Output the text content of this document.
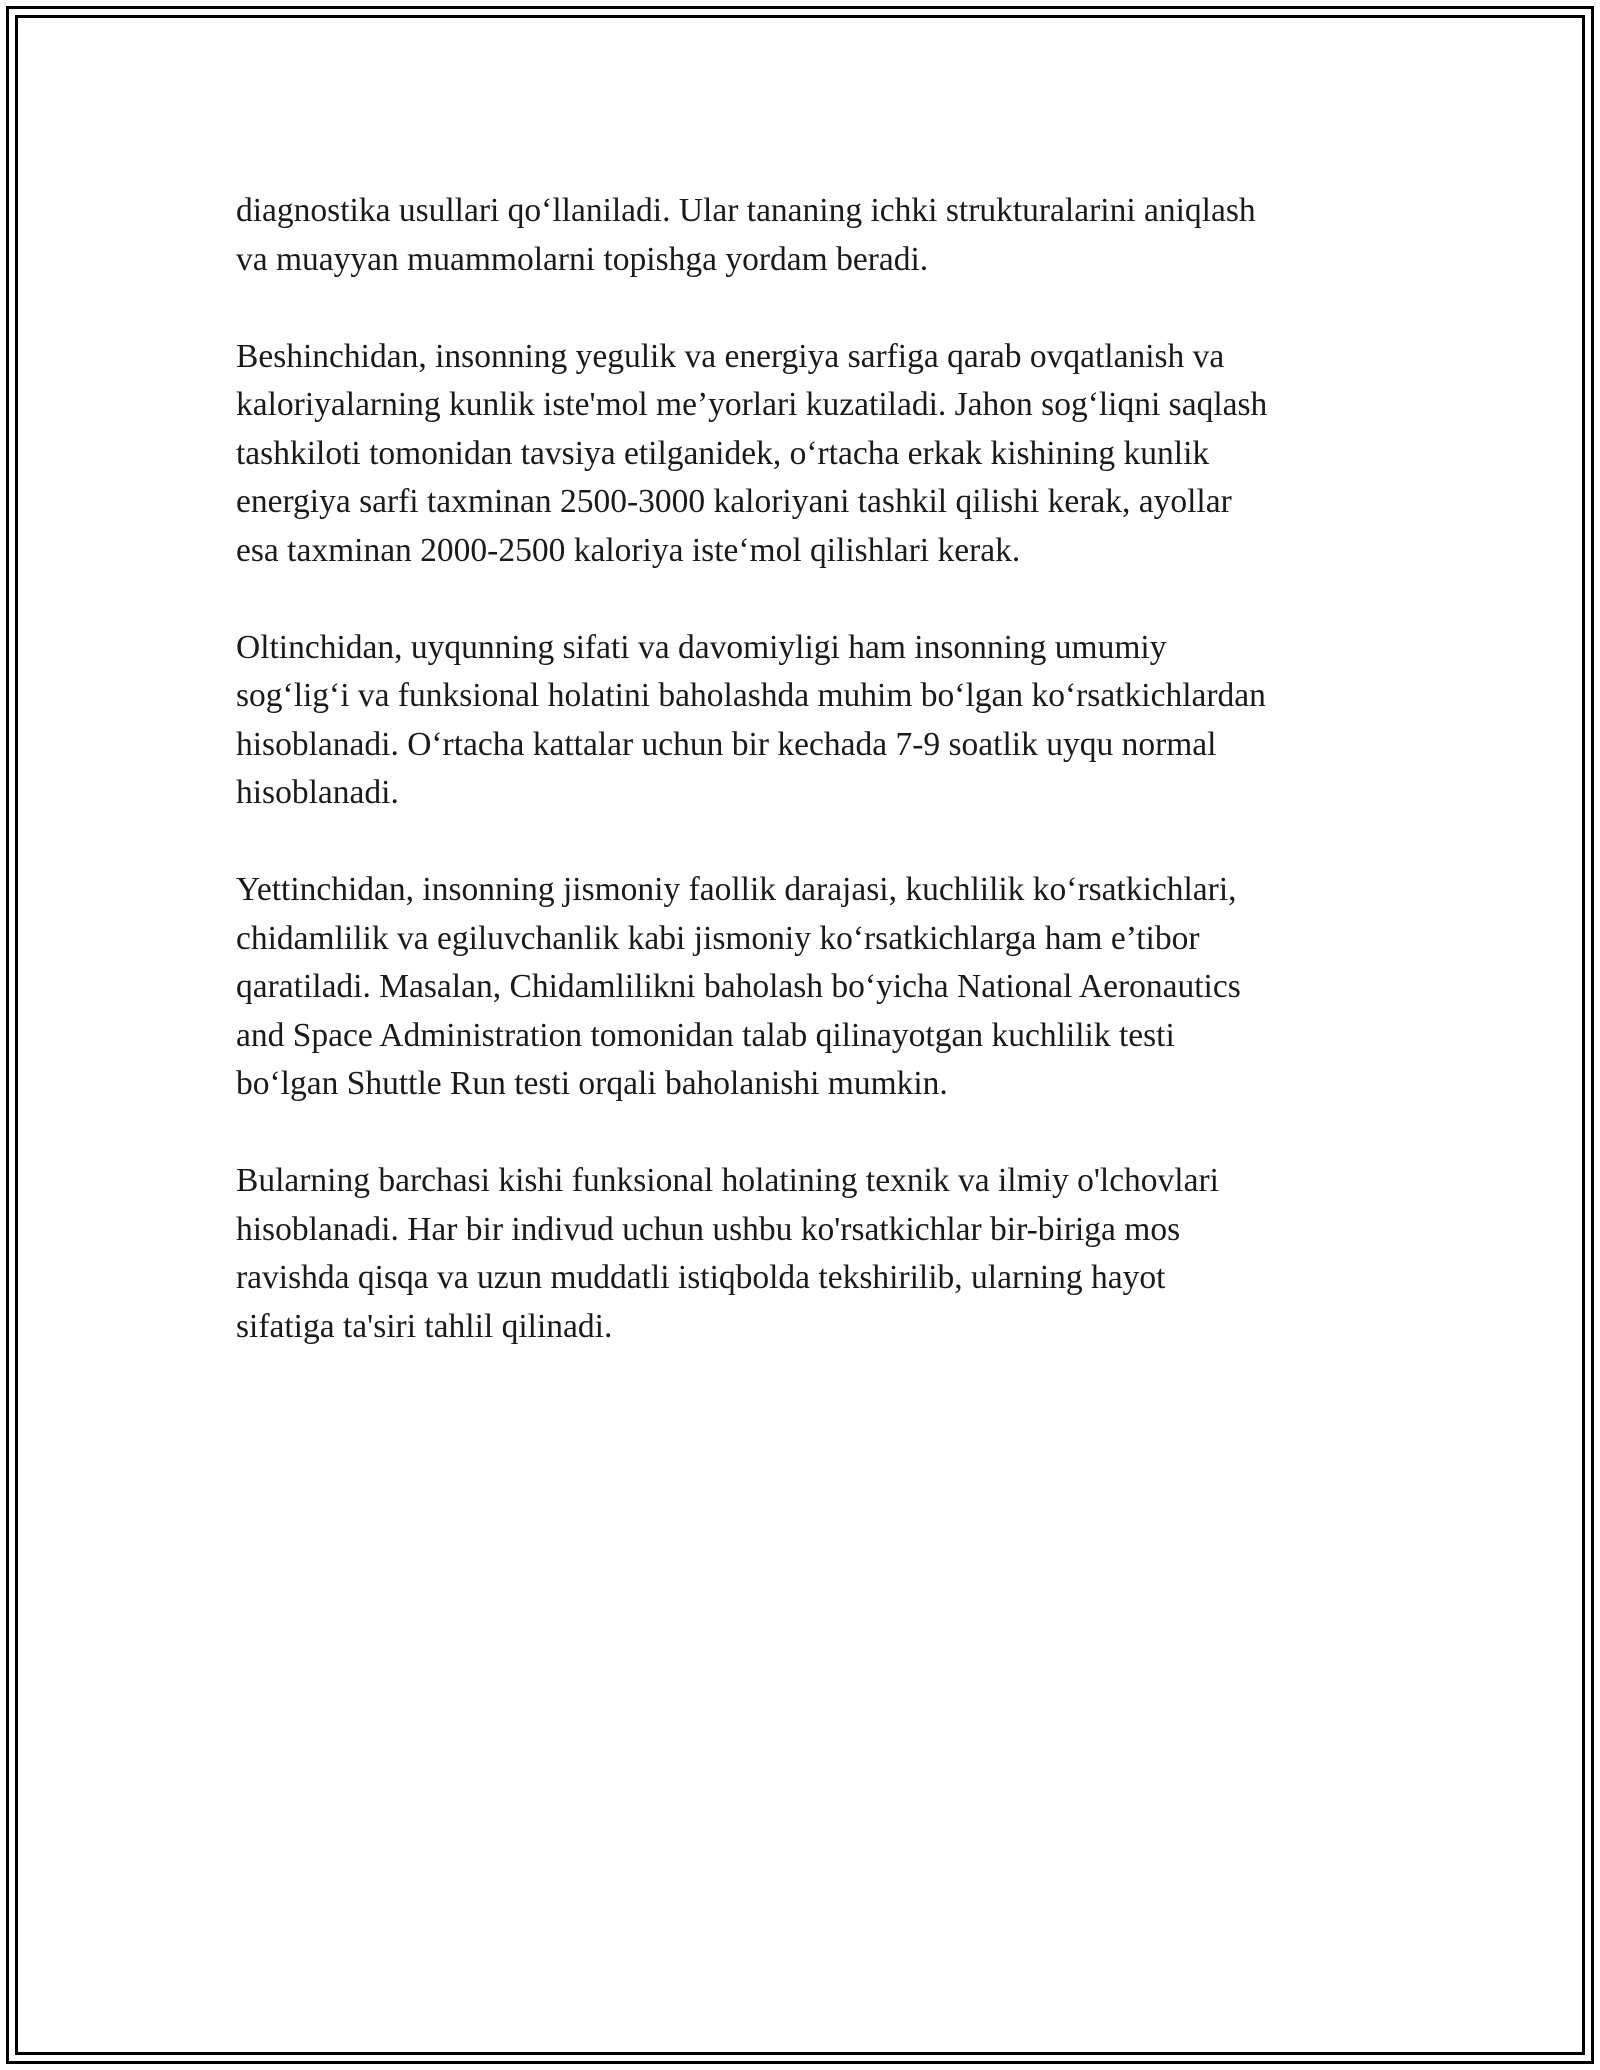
diagnostika usullari qoʻllaniladi. Ular tananing ichki strukturalarini aniqlash
va muayyan muammolarni topishga yordam beradi.

Beshinchidan, insonning yegulik va energiya sarfiga qarab ovqatlanish va
kaloriyalarning kunlik iste'mol me’yorlari kuzatiladi. Jahon sogʻliqni saqlash
tashkiloti tomonidan tavsiya etilganidek, oʻrtacha erkak kishining kunlik
energiya sarfi taxminan 2500-3000 kaloriyani tashkil qilishi kerak, ayollar
esa taxminan 2000-2500 kaloriya isteʻmol qilishlari kerak.

Oltinchidan, uyqunning sifati va davomiyligi ham insonning umumiy
sogʻligʻi va funksional holatini baholashda muhim boʻlgan koʻrsatkichlardan
hisoblanadi. Oʻrtacha kattalar uchun bir kechada 7-9 soatlik uyqu normal
hisoblanadi.

Yettinchidan, insonning jismoniy faollik darajasi, kuchlilik koʻrsatkichlari,
chidamlilik va egiluvchanlik kabi jismoniy koʻrsatkichlarga ham e’tibor
qaratiladi. Masalan, Chidamlilikni baholash boʻyicha National Aeronautics
and Space Administration tomonidan talab qilinayotgan kuchlilik testi
boʻlgan Shuttle Run testi orqali baholanishi mumkin.

Bularning barchasi kishi funksional holatining texnik va ilmiy o'lchovlari
hisoblanadi. Har bir indivud uchun ushbu ko'rsatkichlar bir-biriga mos
ravishda qisqa va uzun muddatli istiqbolda tekshirilib, ularning hayot
sifatiga ta'siri tahlil qilinadi.
